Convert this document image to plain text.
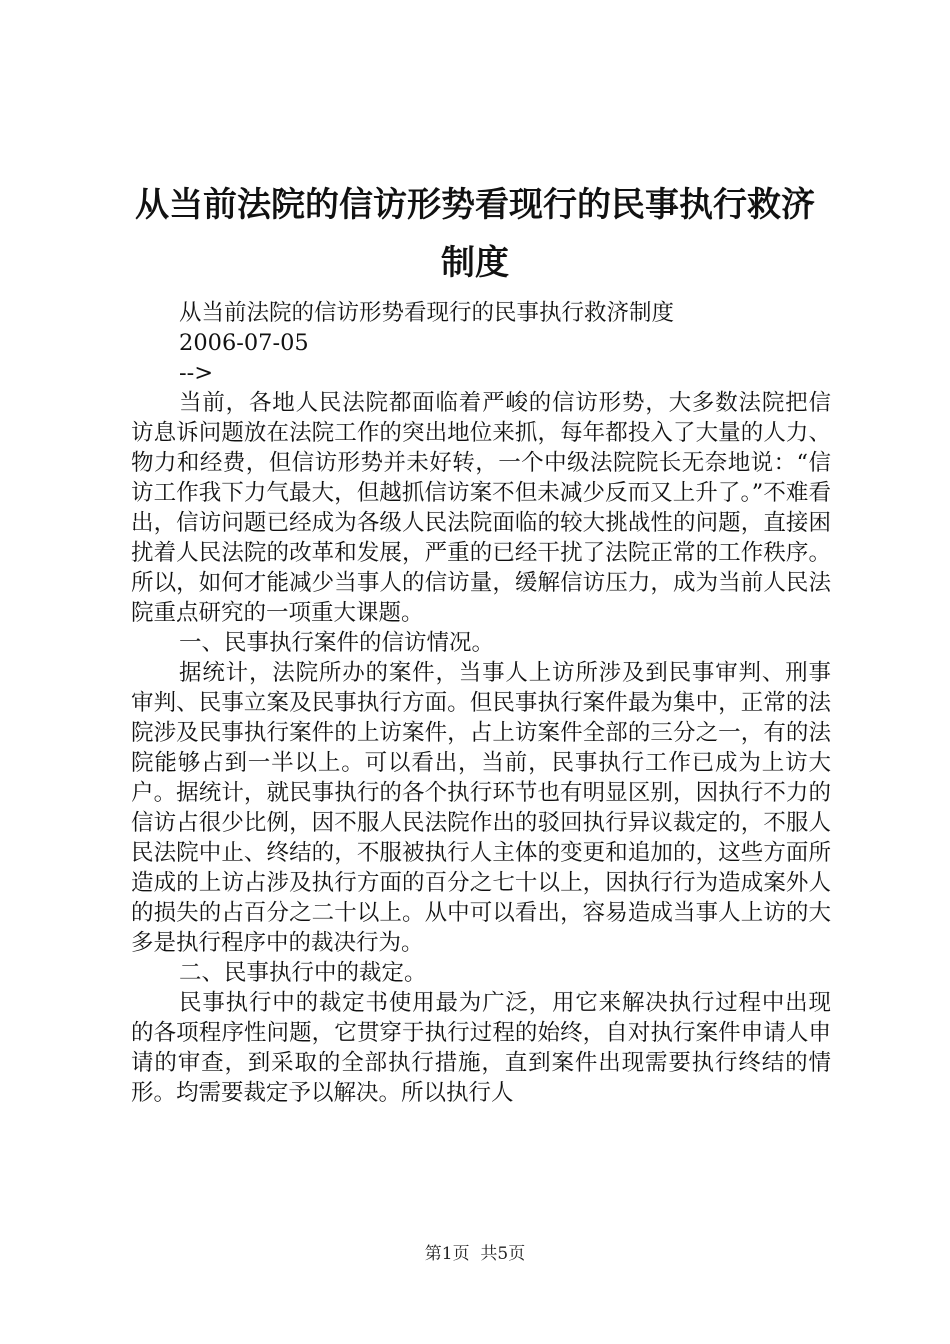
从当前法院的信访形势看现行的民事执行救济制度

从当前法院的信访形势看现行的民事执行救济制度

2006-07-05

-->

当前，各地人民法院都面临着严峻的信访形势，大多数法院把信访息诉问题放在法院工作的突出地位来抓，每年都投入了大量的人力、物力和经费，但信访形势并未好转，一个中级法院院长无奈地说：“信访工作我下力气最大，但越抓信访案不但未减少反而又上升了。”不难看出，信访问题已经成为各级人民法院面临的较大挑战性的问题，直接困扰着人民法院的改革和发展，严重的已经干扰了法院正常的工作秩序。所以，如何才能减少当事人的信访量，缓解信访压力，成为当前人民法院重点研究的一项重大课题。

一、民事执行案件的信访情况。

据统计，法院所办的案件，当事人上访所涉及到民事审判、刑事审判、民事立案及民事执行方面。但民事执行案件最为集中，正常的法院涉及民事执行案件的上访案件，占上访案件全部的三分之一，有的法院能够占到一半以上。可以看出，当前，民事执行工作已成为上访大户。据统计，就民事执行的各个执行环节也有明显区别，因执行不力的信访占很少比例，因不服人民法院作出的驳回执行异议裁定的，不服人民法院中止、终结的，不服被执行人主体的变更和追加的，这些方面所造成的上访占涉及执行方面的百分之七十以上，因执行行为造成案外人的损失的占百分之二十以上。从中可以看出，容易造成当事人上访的大多是执行程序中的裁决行为。

二、民事执行中的裁定。

民事执行中的裁定书使用最为广泛，用它来解决执行过程中出现的各项程序性问题，它贯穿于执行过程的始终，自对执行案件申请人申请的审查，到采取的全部执行措施，直到案件出现需要执行终结的情形。均需要裁定予以解决。所以执行人

第1页  共5页
